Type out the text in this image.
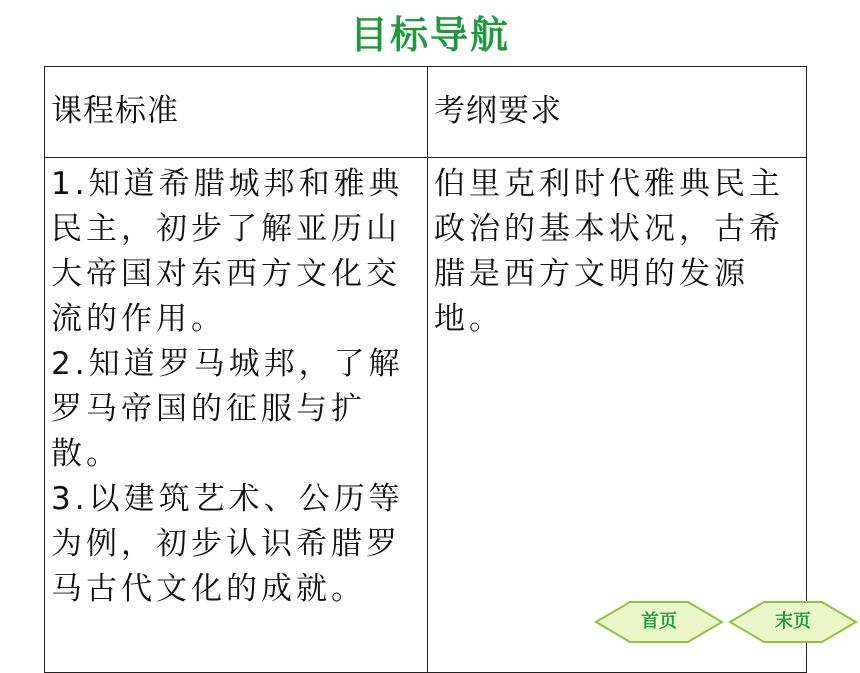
目标导航
课程标准	考纲要求

1.知道希腊城邦和雅典民主，初步了解亚历山大帝国对东西方文化交流的作用。
2.知道罗马城邦，了解罗马帝国的征服与扩散。
3.以建筑艺术、公历等为例，初步认识希腊罗马古代文化的成就。	伯里克利时代雅典民主政治的基本状况，古希腊是西方文明的发源地。
首页	末页
